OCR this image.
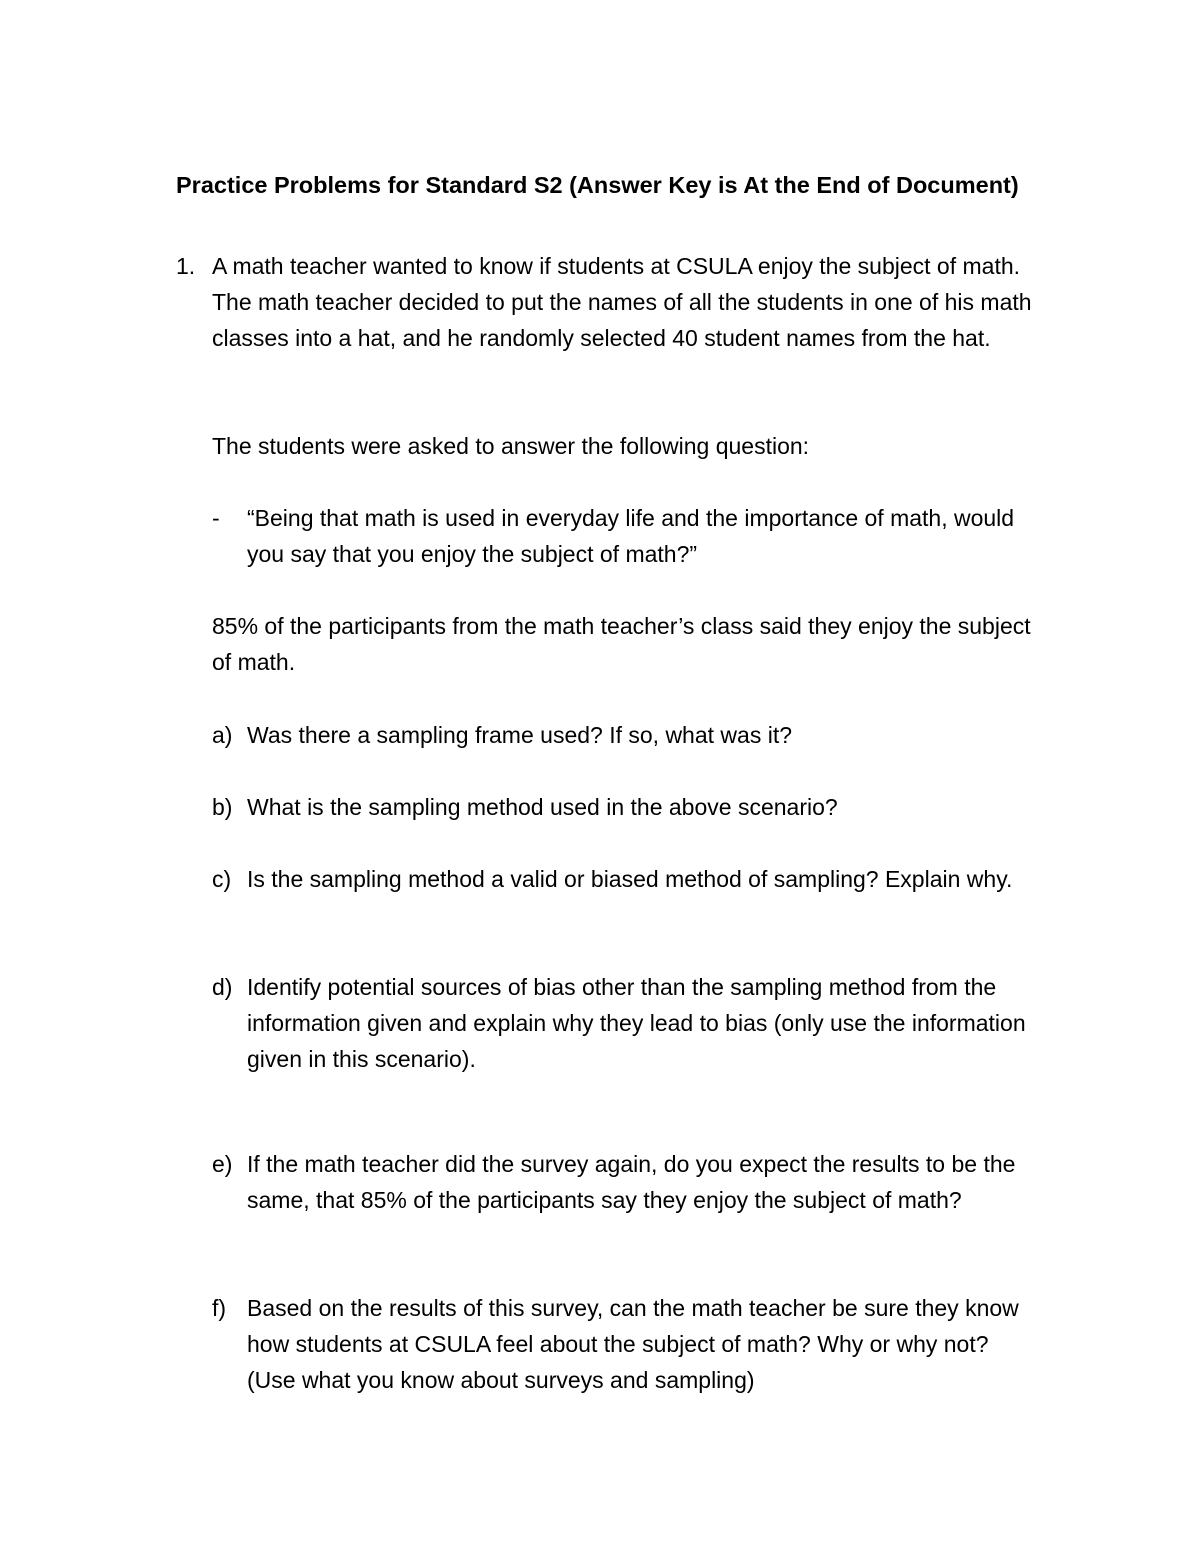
Practice Problems for Standard S2 (Answer Key is At the End of Document)
1. A math teacher wanted to know if students at CSULA enjoy the subject of math. The math teacher decided to put the names of all the students in one of his math classes into a hat, and he randomly selected 40 student names from the hat.

The students were asked to answer the following question:

- “Being that math is used in everyday life and the importance of math, would you say that you enjoy the subject of math?”

85% of the participants from the math teacher’s class said they enjoy the subject of math.

a) Was there a sampling frame used? If so, what was it?
b) What is the sampling method used in the above scenario?
c) Is the sampling method a valid or biased method of sampling? Explain why.
d) Identify potential sources of bias other than the sampling method from the information given and explain why they lead to bias (only use the information given in this scenario).
e) If the math teacher did the survey again, do you expect the results to be the same, that 85% of the participants say they enjoy the subject of math?
f) Based on the results of this survey, can the math teacher be sure they know how students at CSULA feel about the subject of math? Why or why not? (Use what you know about surveys and sampling)
